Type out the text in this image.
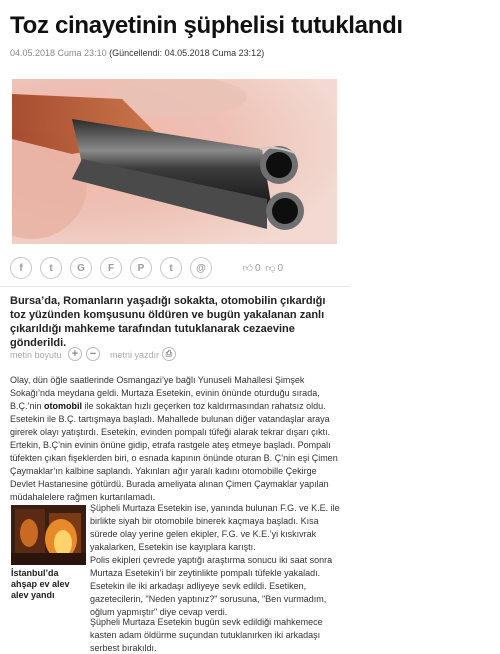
Toz cinayetinin şüphelisi tutuklandı
04.05.2018 Cuma 23:10 (Güncellendi: 04.05.2018 Cuma 23:12)
f	t	G	F	P	t	@	👍︎ 0 👎︎ 0
Bursa’da, Romanların yaşadığı sokakta, otomobilin çıkardığı toz yüzünden komşusunu öldüren ve bugün yakalanan zanlı çıkarıldığı mahkeme tarafından tutuklanarak cezaevine gönderildi.
metin boyutu +	−	metni yazdır ⎙
Olay, dün öğle saatlerinde Osmangazi’ye bağlı Yunuseli Mahallesi Şimşek Sokağı’nda meydana geldi. Murtaza Esetekin, evinin önünde oturduğu sırada, B.Ç.’nin otomobil ile sokaktan hızlı geçerken toz kaldırmasından rahatsız oldu. Esetekin ile B.Ç. tartışmaya başladı. Mahallede bulunan diğer vatandaşlar araya girerek olayı yatıştırdı. Esetekin, evinden pompalı tüfeği alarak tekrar dışarı çıktı. Ertekin, B.Ç’nin evinin önüne gidip, etrafa rastgele ateş etmeye başladı. Pompalı tüfekten çıkan fişeklerden biri, o esnada kapının önünde oturan B. Ç’nin eşi Çimen Çaymaklar’ın kalbine saplandı. Yakınları ağır yaralı kadını otomobille Çekirge Devlet Hastanesine götürdü. Burada ameliyata alınan Çimen Çaymaklar yapılan müdahalelere rağmen kurtarılamadı.
İstanbul’da ahşap ev alev alev yandı
Şüpheli Murtaza Esetekin ise, yanında bulunan F.G. ve K.E. ile birlikte siyah bir otomobile binerek kaçmaya başladı. Kısa sürede olay yerine gelen ekipler, F.G. ve K.E.’yi kıskıvrak yakalarken, Esetekin ise kayıplara karıştı.
Polis ekipleri çevrede yaptığı araştırma sonucu iki saat sonra Murtaza Esetekin’i bir zeytinlikte pompalı tüfekle yakaladı. Esetekin ile iki arkadaşı adliyeye sevk edildi. Esetiken, gazetecilerin, "Neden yaptınız?" sorusuna, "Ben vurmadım, oğlum yapmıştır" diye cevap verdi.
Şüpheli Murtaza Esetekin bugün sevk edildiği mahkemece kasten adam öldürme suçundan tutuklanırken iki arkadaşı serbest bırakıldı.
